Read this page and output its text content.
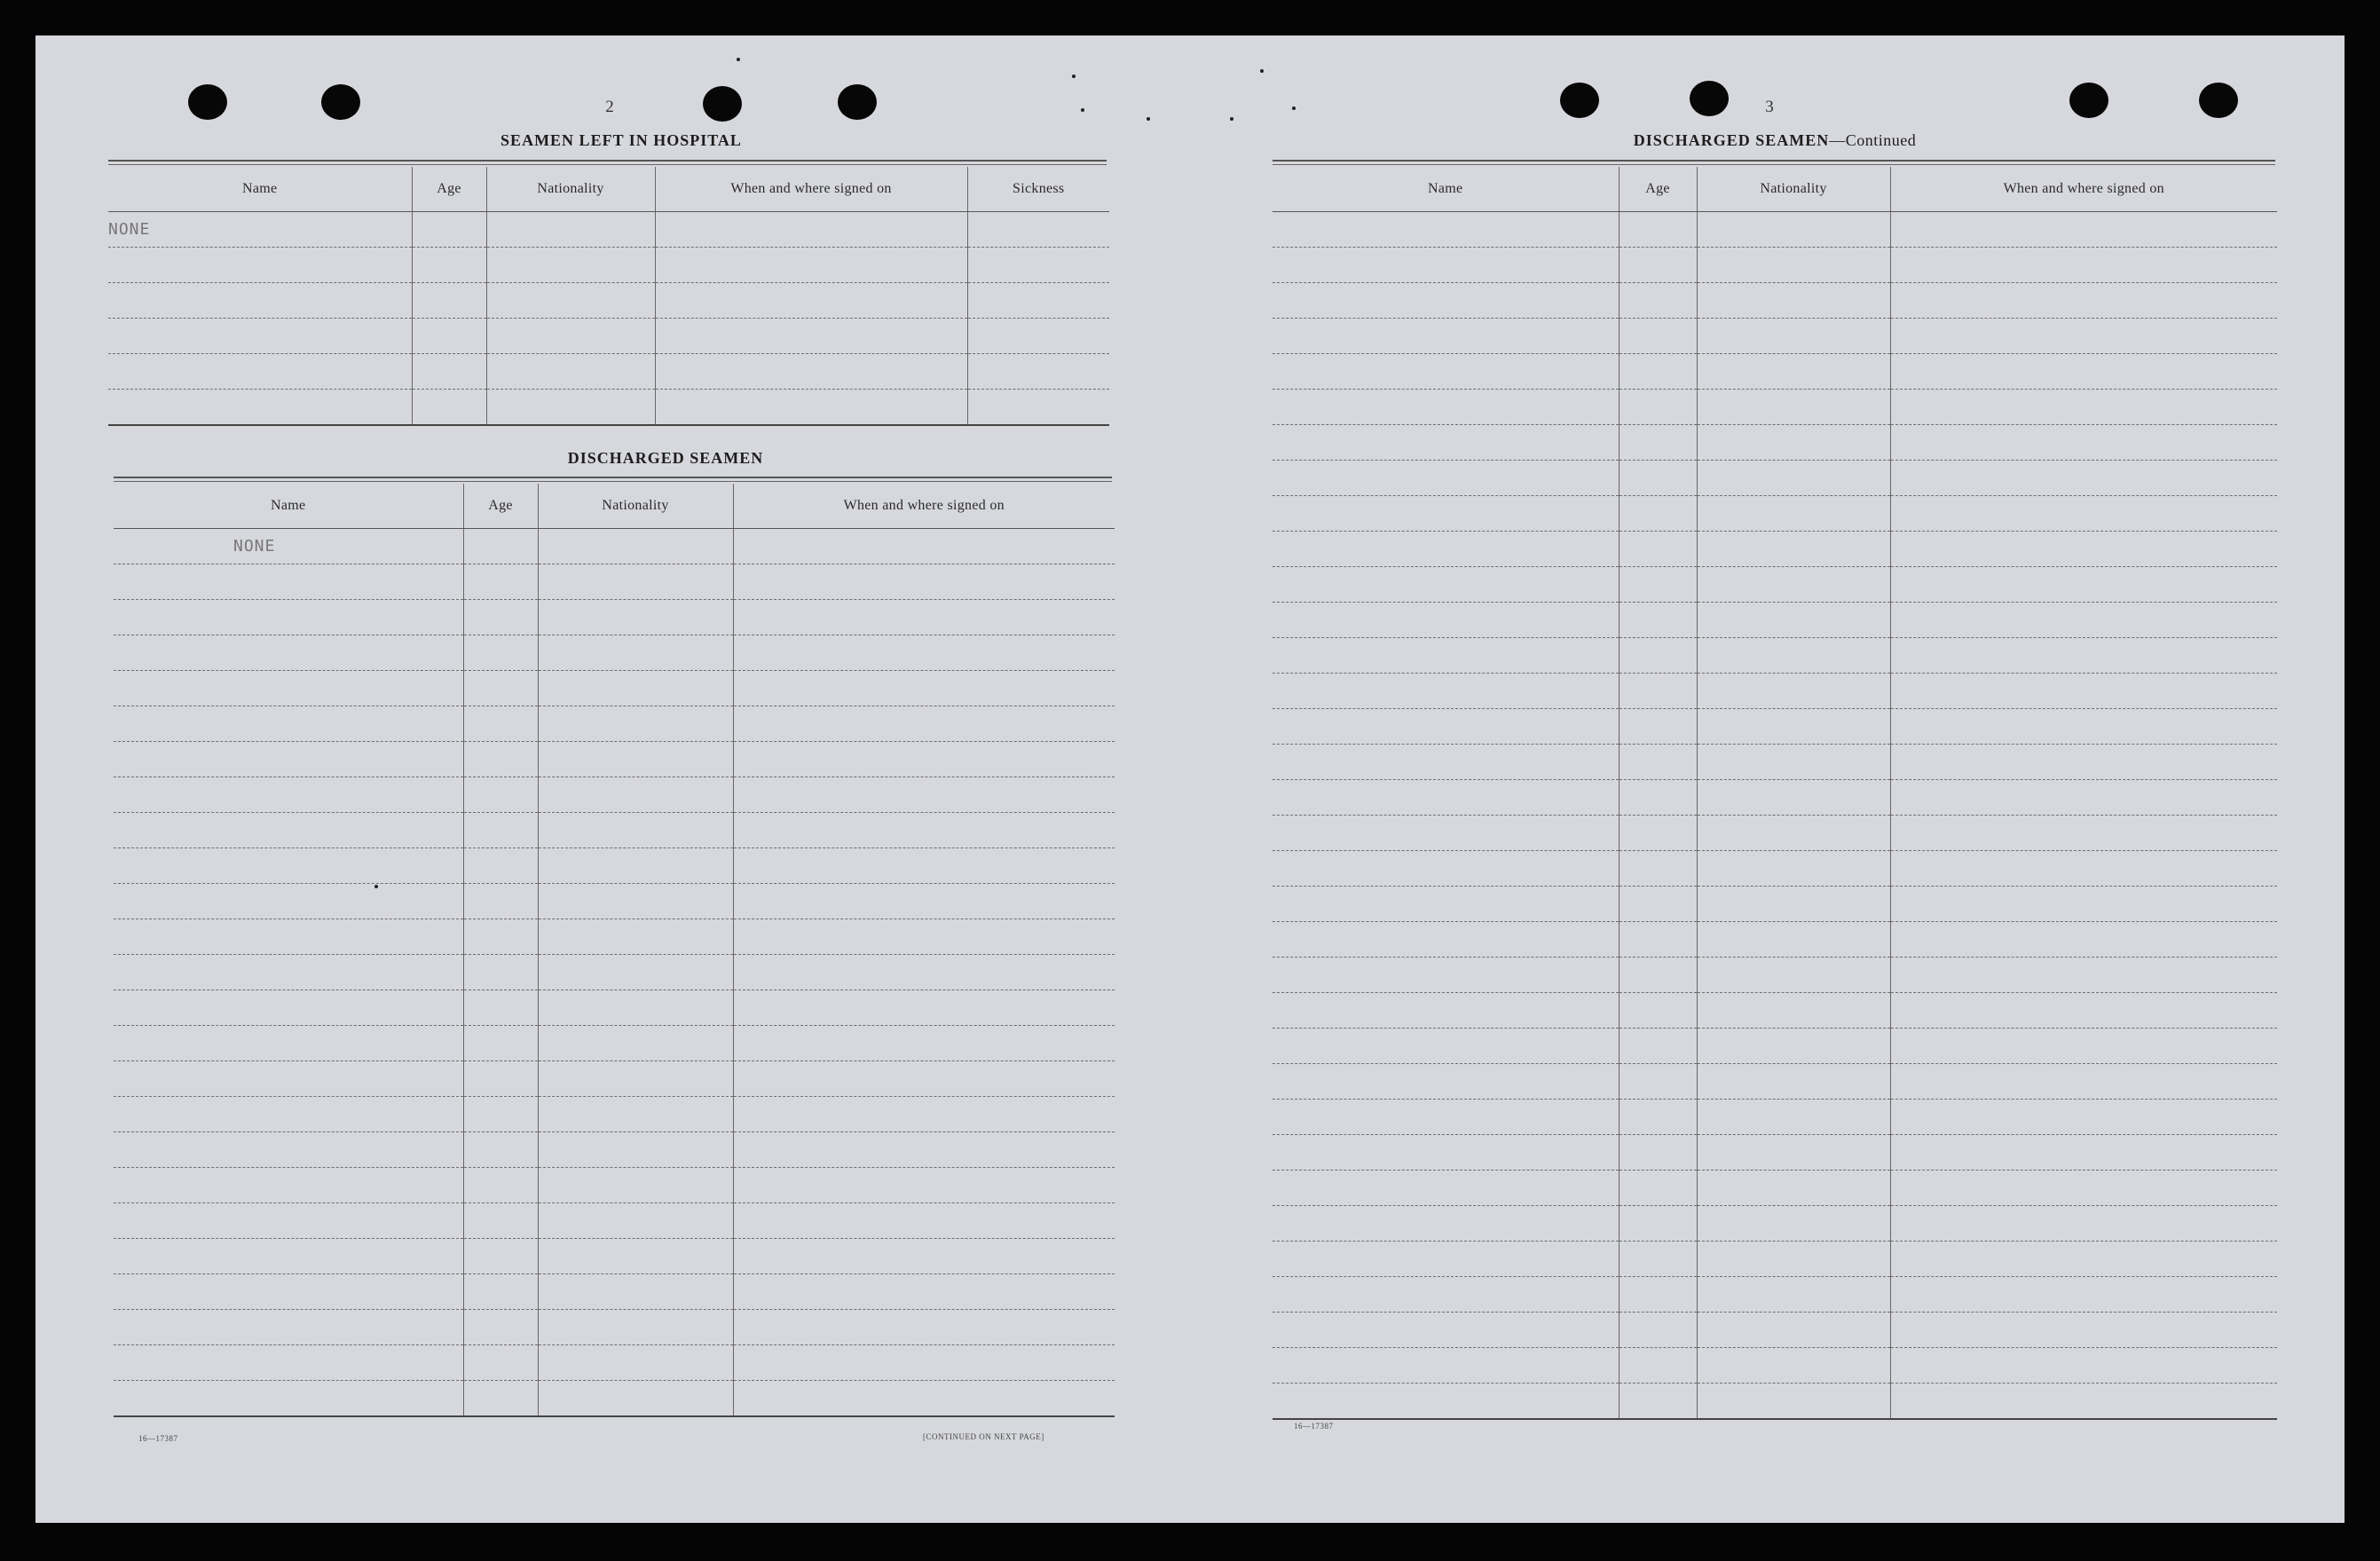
2
SEAMEN LEFT IN HOSPITAL
Name	Age	Nationality	When and where signed on	Sickness
NONE				

DISCHARGED SEAMEN
Name	Age	Nationality	When and where signed on
NONE			

16—17387	[CONTINUED ON NEXT PAGE]
3
DISCHARGED SEAMEN—Continued
Name	Age	Nationality	When and where signed on

16—17387
